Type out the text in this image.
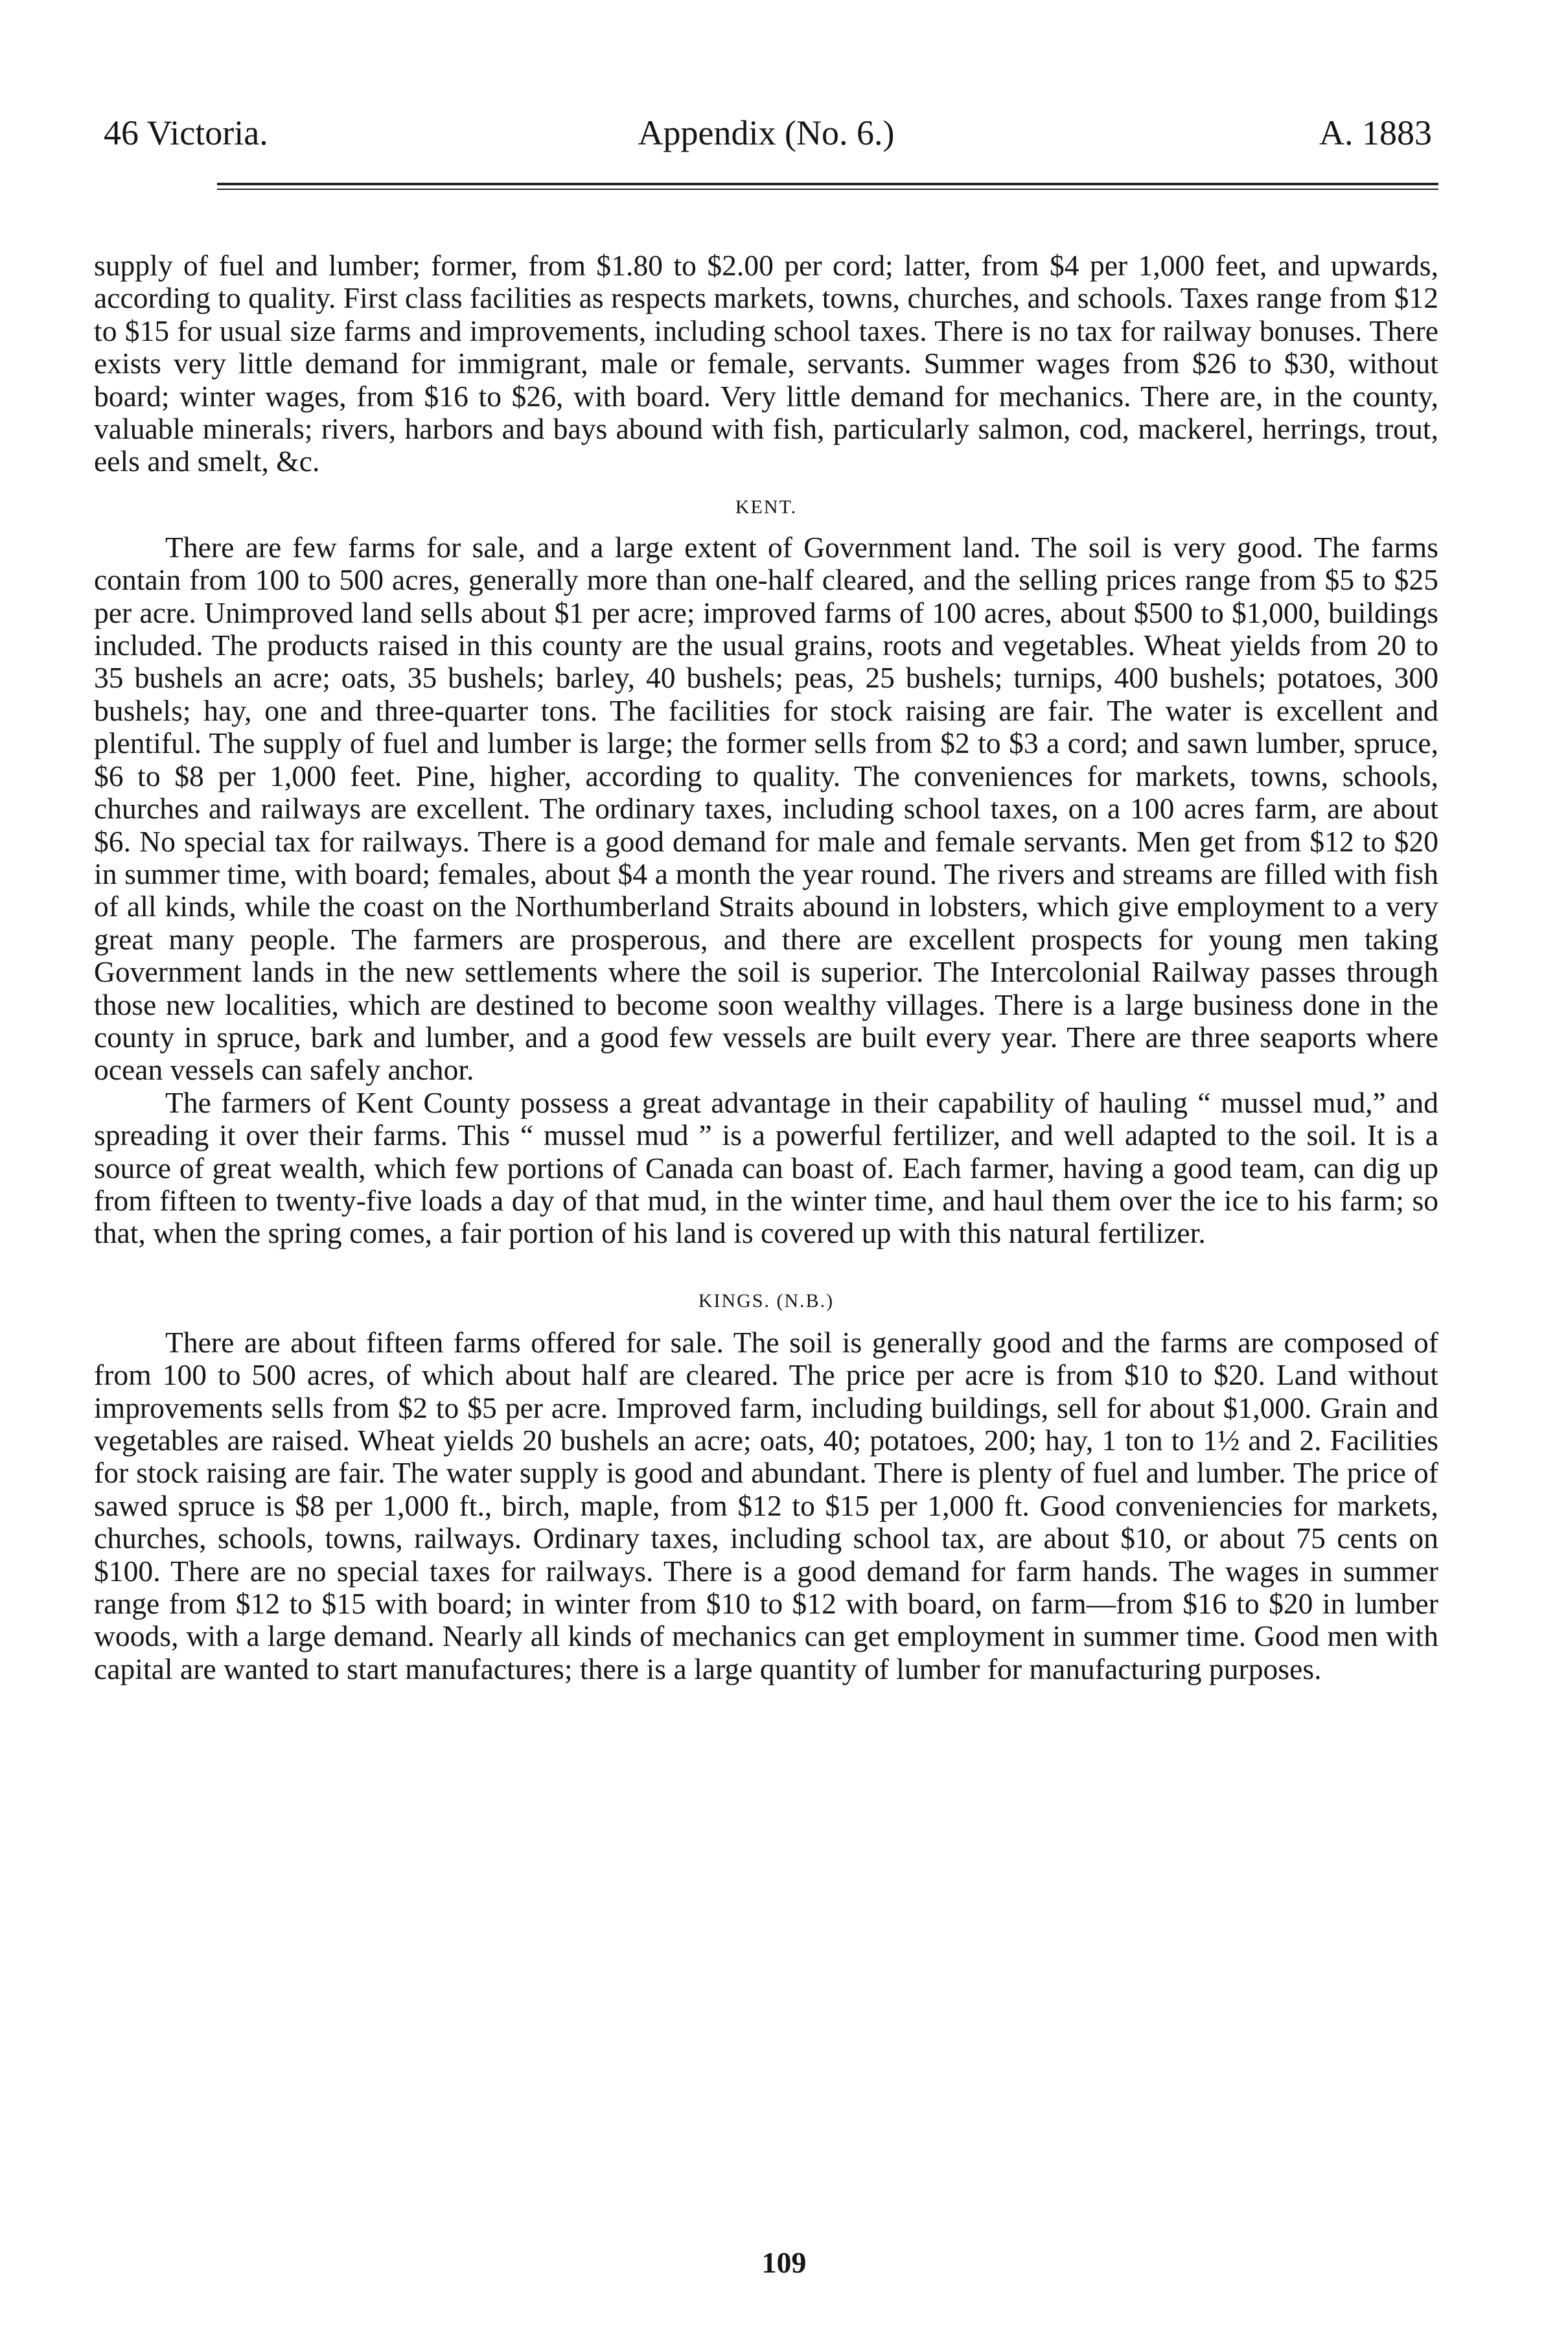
46 Victoria.	Appendix (No. 6.)	A. 1883

supply of fuel and lumber; former, from $1.80 to $2.00 per cord; latter, from $4 per 1,000 feet, and upwards, according to quality. First class facilities as respects markets, towns, churches, and schools. Taxes range from $12 to $15 for usual size farms and improvements, including school taxes. There is no tax for railway bonuses. There exists very little demand for immigrant, male or female, servants. Summer wages from $26 to $30, without board; winter wages, from $16 to $26, with board. Very little demand for mechanics. There are, in the county, valuable minerals; rivers, harbors and bays abound with fish, particularly salmon, cod, mackerel, herrings, trout, eels and smelt, &c.

KENT.

There are few farms for sale, and a large extent of Government land. The soil is very good. The farms contain from 100 to 500 acres, generally more than one-half cleared, and the selling prices range from $5 to $25 per acre. Unimproved land sells about $1 per acre; improved farms of 100 acres, about $500 to $1,000, buildings included. The products raised in this county are the usual grains, roots and vegetables. Wheat yields from 20 to 35 bushels an acre; oats, 35 bushels; barley, 40 bushels; peas, 25 bushels; turnips, 400 bushels; potatoes, 300 bushels; hay, one and three-quarter tons. The facilities for stock raising are fair. The water is excellent and plentiful. The supply of fuel and lumber is large; the former sells from $2 to $3 a cord; and sawn lumber, spruce, $6 to $8 per 1,000 feet. Pine, higher, according to quality. The conveniences for markets, towns, schools, churches and railways are excellent. The ordinary taxes, including school taxes, on a 100 acres farm, are about $6. No special tax for railways. There is a good demand for male and female servants. Men get from $12 to $20 in summer time, with board; females, about $4 a month the year round. The rivers and streams are filled with fish of all kinds, while the coast on the Northumberland Straits abound in lobsters, which give employment to a very great many people. The farmers are prosperous, and there are excellent prospects for young men taking Government lands in the new settlements where the soil is superior. The Intercolonial Railway passes through those new localities, which are destined to become soon wealthy villages. There is a large business done in the county in spruce, bark and lumber, and a good few vessels are built every year. There are three seaports where ocean vessels can safely anchor.

The farmers of Kent County possess a great advantage in their capability of hauling “ mussel mud,” and spreading it over their farms. This “ mussel mud ” is a powerful fertilizer, and well adapted to the soil. It is a source of great wealth, which few portions of Canada can boast of. Each farmer, having a good team, can dig up from fifteen to twenty-five loads a day of that mud, in the winter time, and haul them over the ice to his farm; so that, when the spring comes, a fair portion of his land is covered up with this natural fertilizer.

KINGS. (N.B.)

There are about fifteen farms offered for sale. The soil is generally good and the farms are composed of from 100 to 500 acres, of which about half are cleared. The price per acre is from $10 to $20. Land without improvements sells from $2 to $5 per acre. Improved farm, including buildings, sell for about $1,000. Grain and vegetables are raised. Wheat yields 20 bushels an acre; oats, 40; potatoes, 200; hay, 1 ton to 1½ and 2. Facilities for stock raising are fair. The water supply is good and abundant. There is plenty of fuel and lumber. The price of sawed spruce is $8 per 1,000 ft., birch, maple, from $12 to $15 per 1,000 ft. Good conveniencies for markets, churches, schools, towns, railways. Ordinary taxes, including school tax, are about $10, or about 75 cents on $100. There are no special taxes for railways. There is a good demand for farm hands. The wages in summer range from $12 to $15 with board; in winter from $10 to $12 with board, on farm—from $16 to $20 in lumber woods, with a large demand. Nearly all kinds of mechanics can get employment in summer time. Good men with capital are wanted to start manufactures; there is a large quantity of lumber for manufacturing purposes.

109
